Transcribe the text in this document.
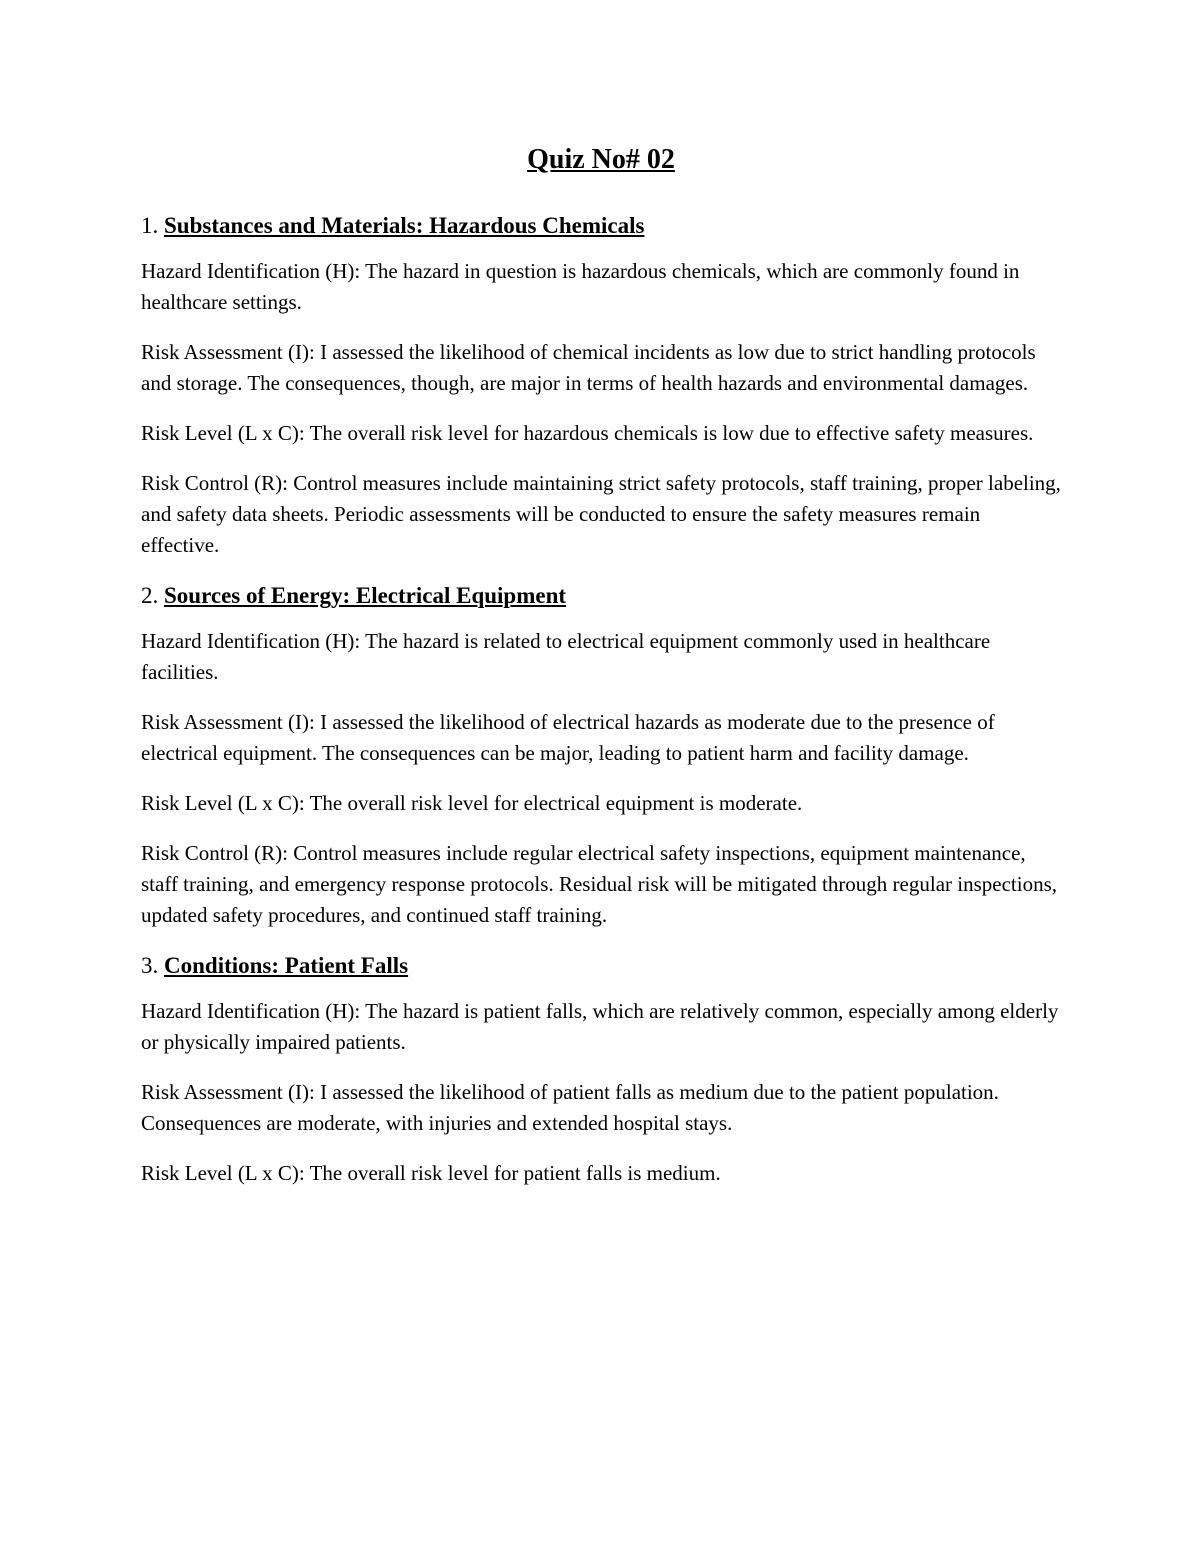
Quiz No# 02
1. Substances and Materials: Hazardous Chemicals

Hazard Identification (H): The hazard in question is hazardous chemicals, which are commonly found in healthcare settings.

Risk Assessment (I): I assessed the likelihood of chemical incidents as low due to strict handling protocols and storage. The consequences, though, are major in terms of health hazards and environmental damages.

Risk Level (L x C): The overall risk level for hazardous chemicals is low due to effective safety measures.

Risk Control (R): Control measures include maintaining strict safety protocols, staff training, proper labeling, and safety data sheets. Periodic assessments will be conducted to ensure the safety measures remain effective.

2. Sources of Energy: Electrical Equipment

Hazard Identification (H): The hazard is related to electrical equipment commonly used in healthcare facilities.

Risk Assessment (I): I assessed the likelihood of electrical hazards as moderate due to the presence of electrical equipment. The consequences can be major, leading to patient harm and facility damage.

Risk Level (L x C): The overall risk level for electrical equipment is moderate.

Risk Control (R): Control measures include regular electrical safety inspections, equipment maintenance, staff training, and emergency response protocols. Residual risk will be mitigated through regular inspections, updated safety procedures, and continued staff training.

3. Conditions: Patient Falls

Hazard Identification (H): The hazard is patient falls, which are relatively common, especially among elderly or physically impaired patients.

Risk Assessment (I): I assessed the likelihood of patient falls as medium due to the patient population. Consequences are moderate, with injuries and extended hospital stays.

Risk Level (L x C): The overall risk level for patient falls is medium.
